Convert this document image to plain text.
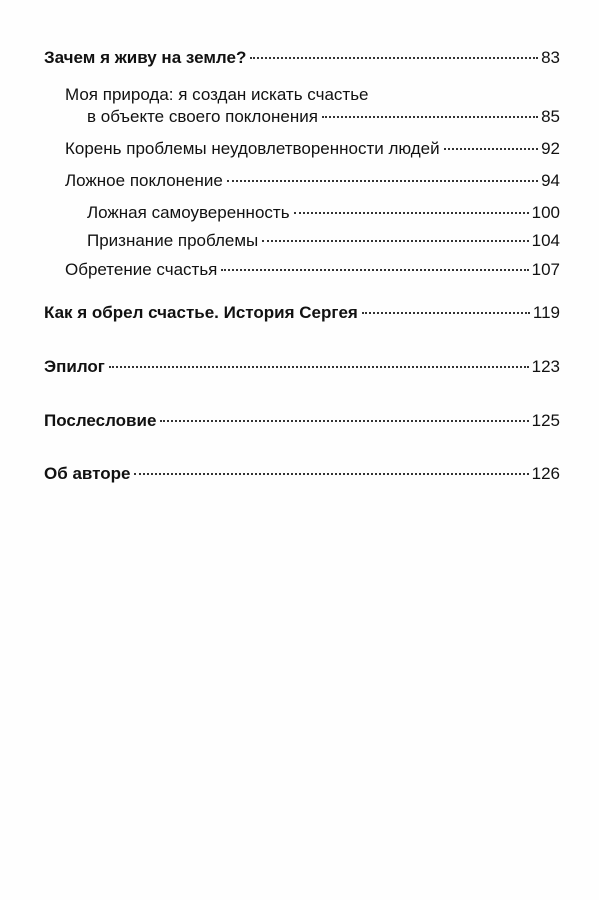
Зачем я живу на земле?	83
Моя природа: я создан искать счастье
в объекте своего поклонения	85
Корень проблемы неудовлетворенности людей	92
Ложное поклонение	94
Ложная самоуверенность	100
Признание проблемы	104
Обретение счастья	107
Как я обрел счастье. История Сергея	119
Эпилог	123
Послесловие	125
Об авторе	126
